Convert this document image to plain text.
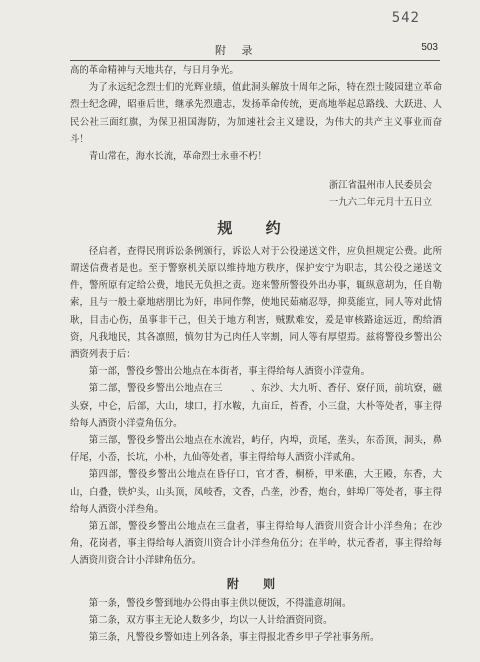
542
附 录	503

高的革命精神与天地共存，与日月争光。

为了永远纪念烈士们的光辉业绩，值此洞头解放十周年之际，特在烈士陵园建立革命烈士纪念碑，昭垂后世，继承先烈遗志，发扬革命传统，更高地举起总路线、大跃进、人民公社三面红旗，为保卫祖国海防，为加速社会主义建设，为伟大的共产主义事业而奋斗！

青山常在，海水长流，革命烈士永垂不朽！

浙江省温州市人民委员会

一九六二年元月十五日立

规 约

径启者，查得民刑诉讼条例颁行，诉讼人对于公役递送文件，应负担规定公费。此所谓送信费者是也。至于警察机关原以维持地方秩序，保护安宁为职志，其公役之递送文件，警所原有定给公费，地民无负担之责。迩来警所警役外出办事，辄纵意胡为，任自勒索，且与一般土豪地痞朋比为奸，串同作弊，使地民茹痛忍辱，抑莫能宣，同人等对此情耿，目击心伤，虽事非干己，但关于地方利害，贼默难安，爰是审核路途远近，酌给酒资，凡我地民，其各凛照，慎勿甘为己肉任人宰割，同人等有厚望焉。兹将警役乡警出公酒资列表于后：

第一部，警役乡警出公地点在本街者，事主得给每人酒资小洋壹角。

第二部，警役乡警出公地点在三　　　、东沙、大九听、香仔、寮仔顶，前坑寮，磁头寮，中仑，后部，大山，埭口，打水鞍，九亩丘，苔香，小三盘，大朴等处者，事主得给每人酒资小洋壹角伍分。

第三部，警役乡警出公地点在水流岩，屿仔，内埠，贡尾，垄头，东岙顶，洞头，鼻仔尾，小岙，长坑，小朴，九仙等处者，事主得给每人酒资小洋贰角。

第四部，警役乡警出公地点在昏仔口，官才香，桐桥，甲米礁，大王殿，东香，大山，白叠，铁炉头，山头顶，凤岐香，文香，凸垄，沙香，炮台，蚌埠厂等处者，事主得给每人酒资小洋叁角。

第五部，警役乡警出公地点在三盘者，事主得给每人酒资川资合计小洋叁角；在沙角，花岗者，事主得给每人酒资川资合计小洋叁角伍分；在半岭，状元香者，事主得给每人酒资川资合计小洋肆角伍分。

附 则

第一条，警役乡警到地办公得由事主供以便饭，不得滥意胡闹。

第二条，双方事主无论人数多少，均以一人计给酒资同资。

第三条，凡警役乡警如违上列各条，事主得报北香乡甲子学社事务所。
